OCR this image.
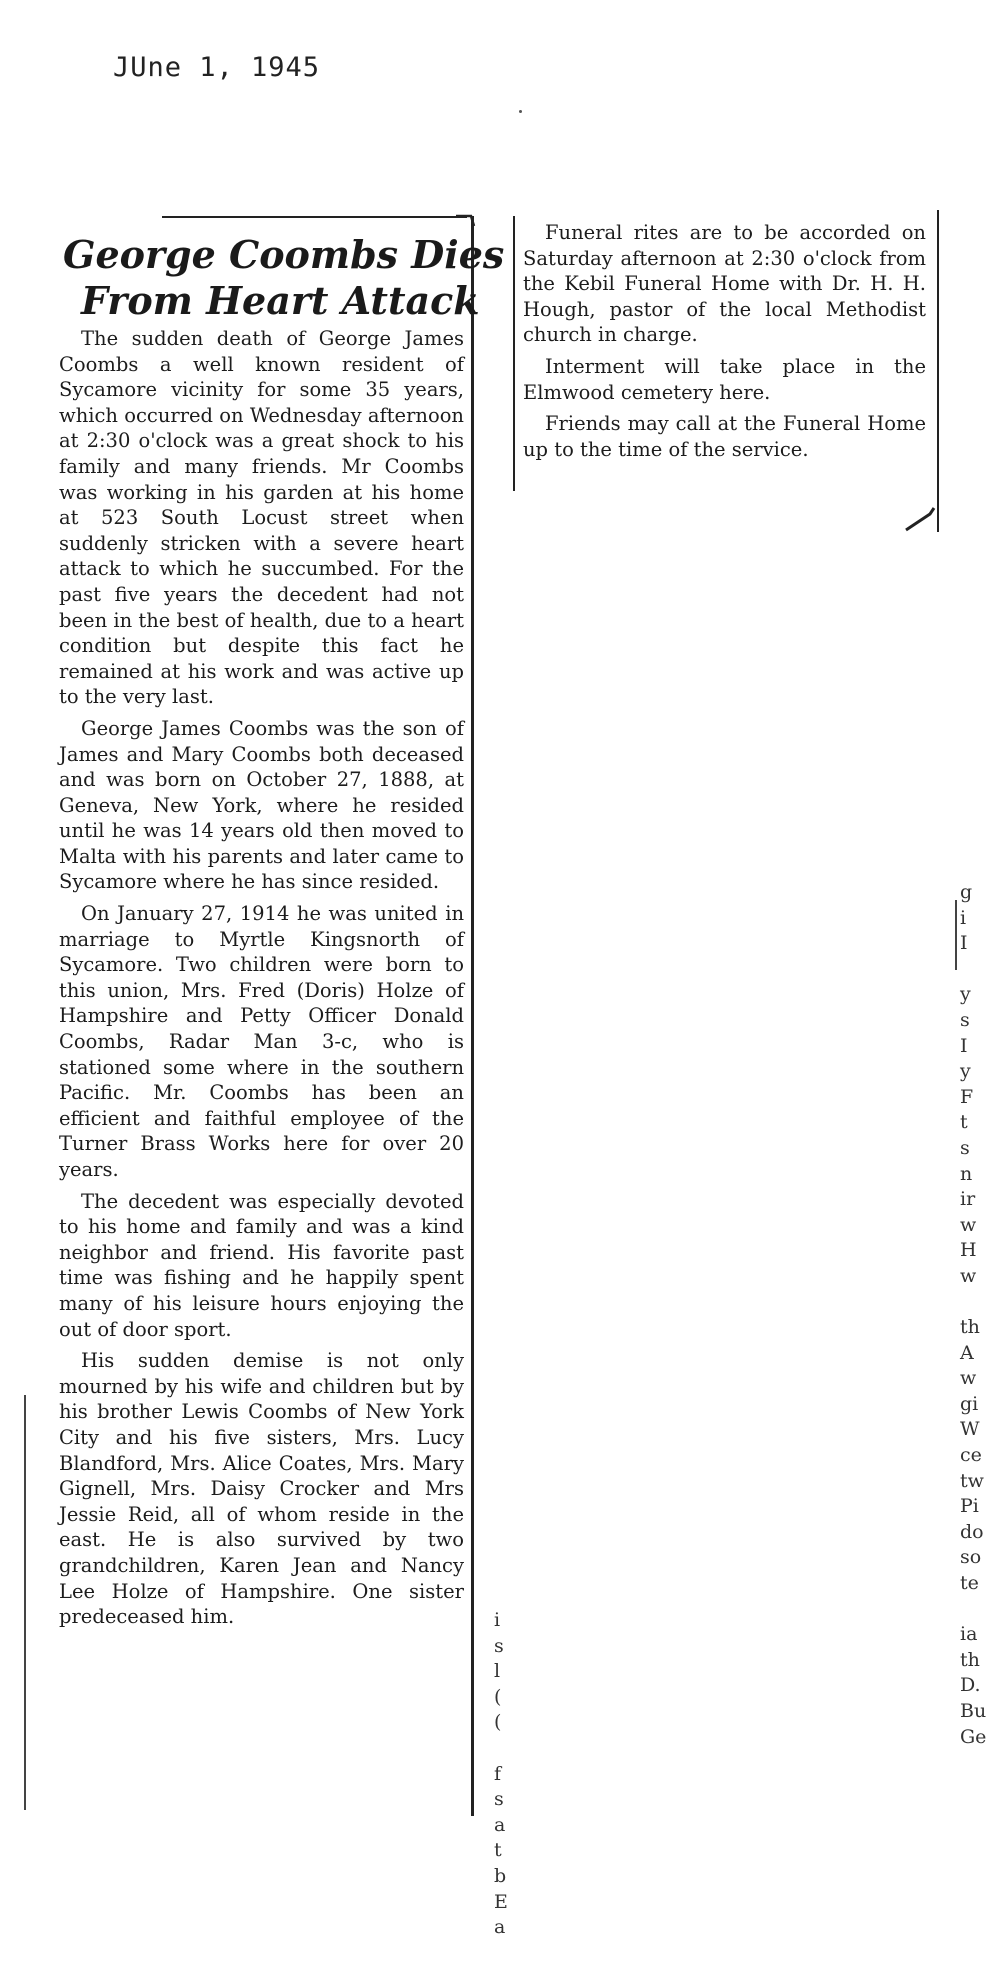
JUne 1, 1945
George Coombs Dies
From Heart Attack

The sudden death of George James Coombs a well known resident of Sycamore vicinity for some 35 years, which occurred on Wednesday afternoon at 2:30 o'clock was a great shock to his family and many friends. Mr Coombs was working in his garden at his home at 523 South Locust street when suddenly stricken with a severe heart attack to which he succumbed. For the past five years the decedent had not been in the best of health, due to a heart condition but despite this fact he remained at his work and was active up to the very last.

George James Coombs was the son of James and Mary Coombs both deceased and was born on October 27, 1888, at Geneva, New York, where he resided until he was 14 years old then moved to Malta with his parents and later came to Sycamore where he has since resided.

On January 27, 1914 he was united in marriage to Myrtle Kingsnorth of Sycamore. Two children were born to this union, Mrs. Fred (Doris) Holze of Hampshire and Petty Officer Donald Coombs, Radar Man 3-c, who is stationed some where in the southern Pacific. Mr. Coombs has been an efficient and faithful employee of the Turner Brass Works here for over 20 years.

The decedent was especially devoted to his home and family and was a kind neighbor and friend. His favorite past time was fishing and he happily spent many of his leisure hours enjoying the out of door sport.

His sudden demise is not only mourned by his wife and children but by his brother Lewis Coombs of New York City and his five sisters, Mrs. Lucy Blandford, Mrs. Alice Coates, Mrs. Mary Gignell, Mrs. Daisy Crocker and Mrs Jessie Reid, all of whom reside in the east. He is also survived by two grandchildren, Karen Jean and Nancy Lee Holze of Hampshire. One sister predeceased him.

Funeral rites are to be accorded on Saturday afternoon at 2:30 o'clock from the Kebil Funeral Home with Dr. H. H. Hough, pastor of the local Methodist church in charge.

Interment will take place in the Elmwood cemetery here.

Friends may call at the Funeral Home up to the time of the service.

i
s
l
(
(

f
s
a
t
b
E
a
g
i
I

y
s
I
y
F
t
s
n
ir
w
H
w

th
A
w
gi
W
ce
tw
Pi
do
so
te

ia
th
D.
Bu
Ge
